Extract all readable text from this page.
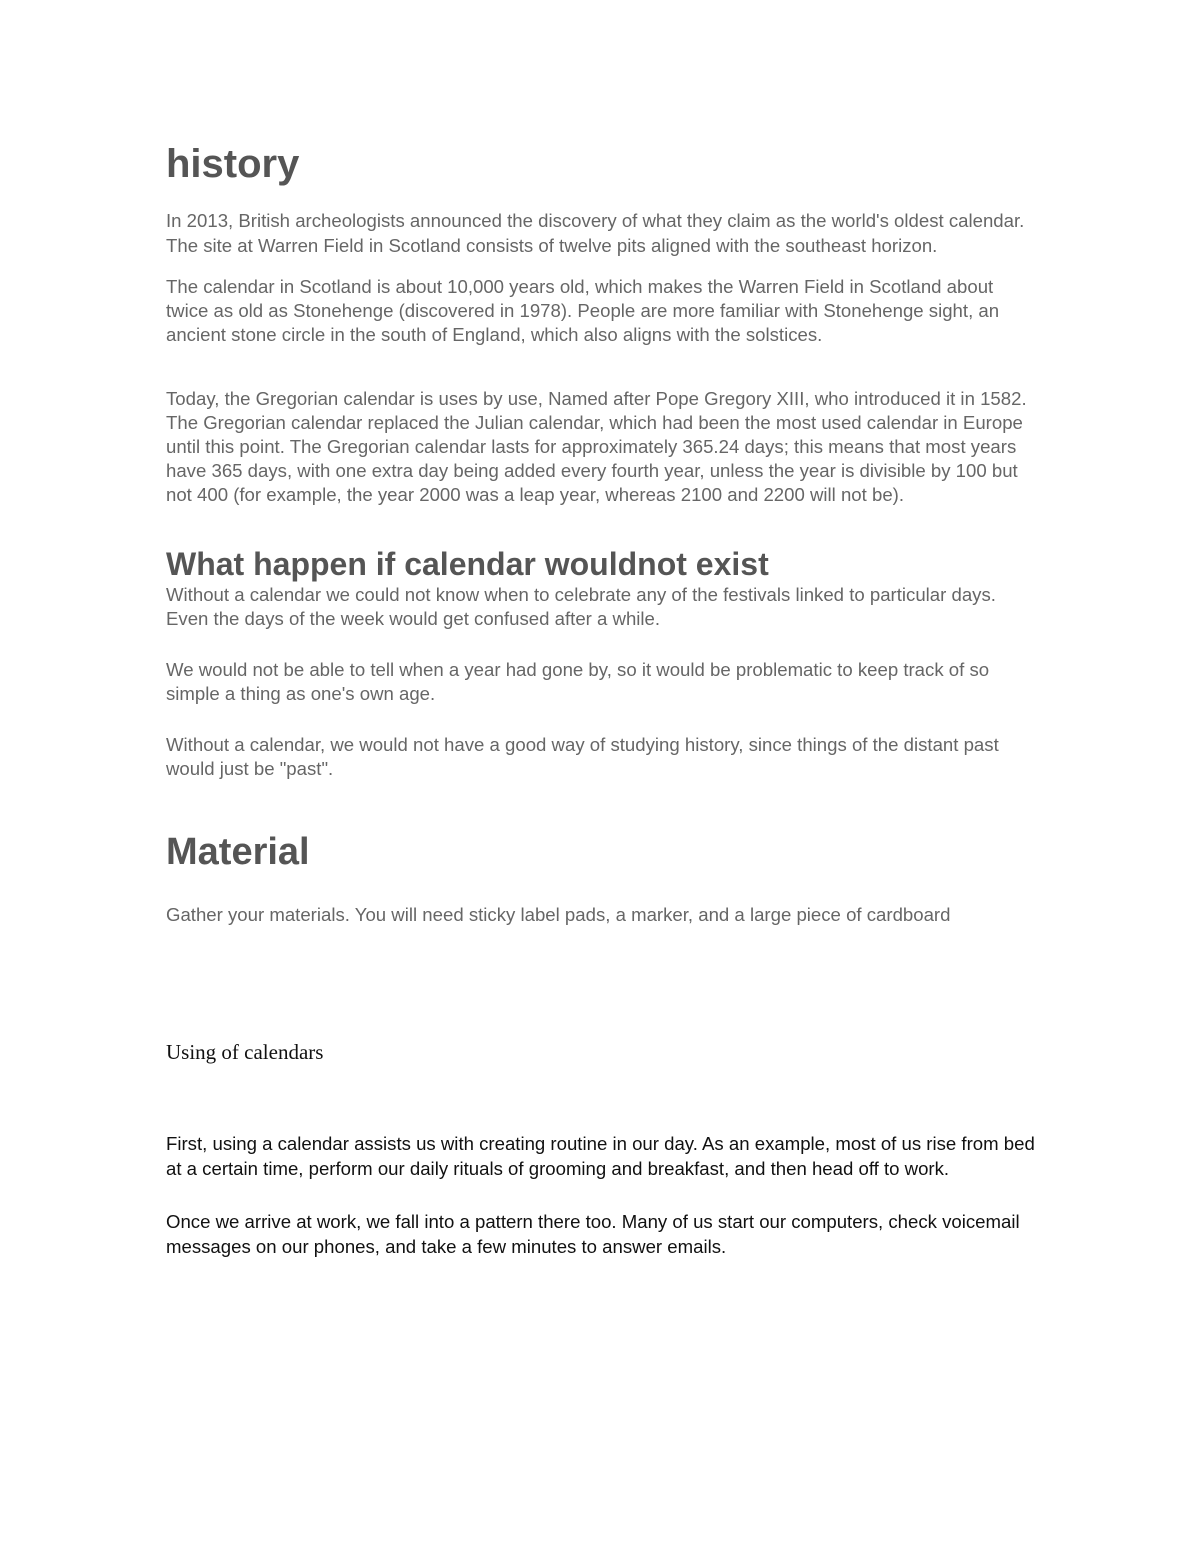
history

In 2013, British archeologists announced the discovery of what they claim as the world's oldest calendar. The site at Warren Field in Scotland consists of twelve pits aligned with the southeast horizon.

The calendar in Scotland is about 10,000 years old, which makes the Warren Field in Scotland about twice as old as Stonehenge (discovered in 1978). People are more familiar with Stonehenge sight, an ancient stone circle in the south of England, which also aligns with the solstices.

Today, the Gregorian calendar is uses by use, Named after Pope Gregory XIII, who introduced it in 1582. The Gregorian calendar replaced the Julian calendar, which had been the most used calendar in Europe until this point. The Gregorian calendar lasts for approximately 365.24 days; this means that most years have 365 days, with one extra day being added every fourth year, unless the year is divisible by 100 but not 400 (for example, the year 2000 was a leap year, whereas 2100 and 2200 will not be).

What happen if calendar wouldnot exist

Without a calendar we could not know when to celebrate any of the festivals linked to particular days. Even the days of the week would get confused after a while.

We would not be able to tell when a year had gone by, so it would be problematic to keep track of so simple a thing as one's own age.

Without a calendar, we would not have a good way of studying history, since things of the distant past would just be "past".

Material

Gather your materials. You will need sticky label pads, a marker, and a large piece of cardboard

Using of calendars

First, using a calendar assists us with creating routine in our day. As an example, most of us rise from bed at a certain time, perform our daily rituals of grooming and breakfast, and then head off to work.

Once we arrive at work, we fall into a pattern there too. Many of us start our computers, check voicemail messages on our phones, and take a few minutes to answer emails.
